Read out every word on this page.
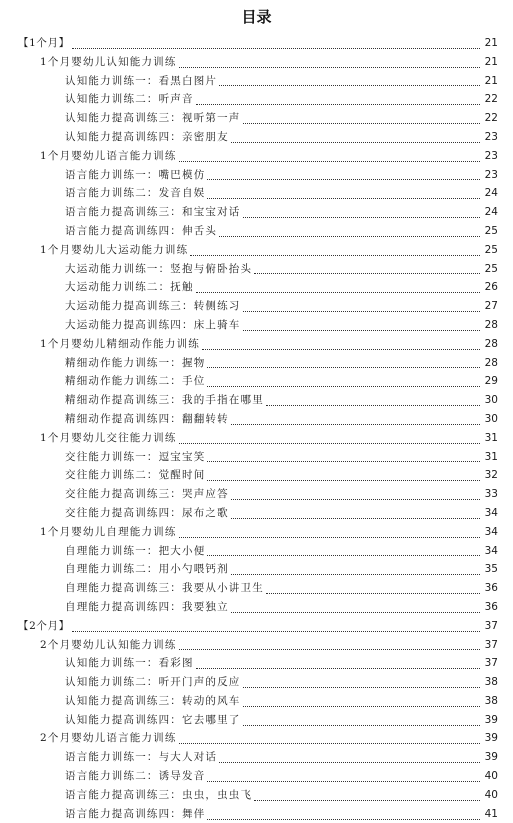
目录
【1个月】	21
1个月婴幼儿认知能力训练	21
认知能力训练一：看黑白图片	21
认知能力训练二：听声音	22
认知能力提高训练三：视听第一声	22
认知能力提高训练四：亲密朋友	23
1个月婴幼儿语言能力训练	23
语言能力训练一：嘴巴模仿	23
语言能力训练二：发音自娱	24
语言能力提高训练三：和宝宝对话	24
语言能力提高训练四：伸舌头	25
1个月婴幼儿大运动能力训练	25
大运动能力训练一：竖抱与俯卧抬头	25
大运动能力训练二：抚触	26
大运动能力提高训练三：转侧练习	27
大运动能力提高训练四：床上骑车	28
1个月婴幼儿精细动作能力训练	28
精细动作能力训练一：握物	28
精细动作能力训练二：手位	29
精细动作提高训练三：我的手指在哪里	30
精细动作提高训练四：翻翻转转	30
1个月婴幼儿交往能力训练	31
交往能力训练一：逗宝宝笑	31
交往能力训练二：觉醒时间	32
交往能力提高训练三：哭声应答	33
交往能力提高训练四：尿布之歌	34
1个月婴幼儿自理能力训练	34
自理能力训练一：把大小便	34
自理能力训练二：用小勺喂钙剂	35
自理能力提高训练三：我要从小讲卫生	36
自理能力提高训练四：我要独立	36
【2个月】	37
2个月婴幼儿认知能力训练	37
认知能力训练一：看彩图	37
认知能力训练二：听开门声的反应	38
认知能力提高训练三：转动的风车	38
认知能力提高训练四：它去哪里了	39
2个月婴幼儿语言能力训练	39
语言能力训练一：与大人对话	39
语言能力训练二：诱导发音	40
语言能力提高训练三：虫虫，虫虫飞	40
语言能力提高训练四：舞伴	41
